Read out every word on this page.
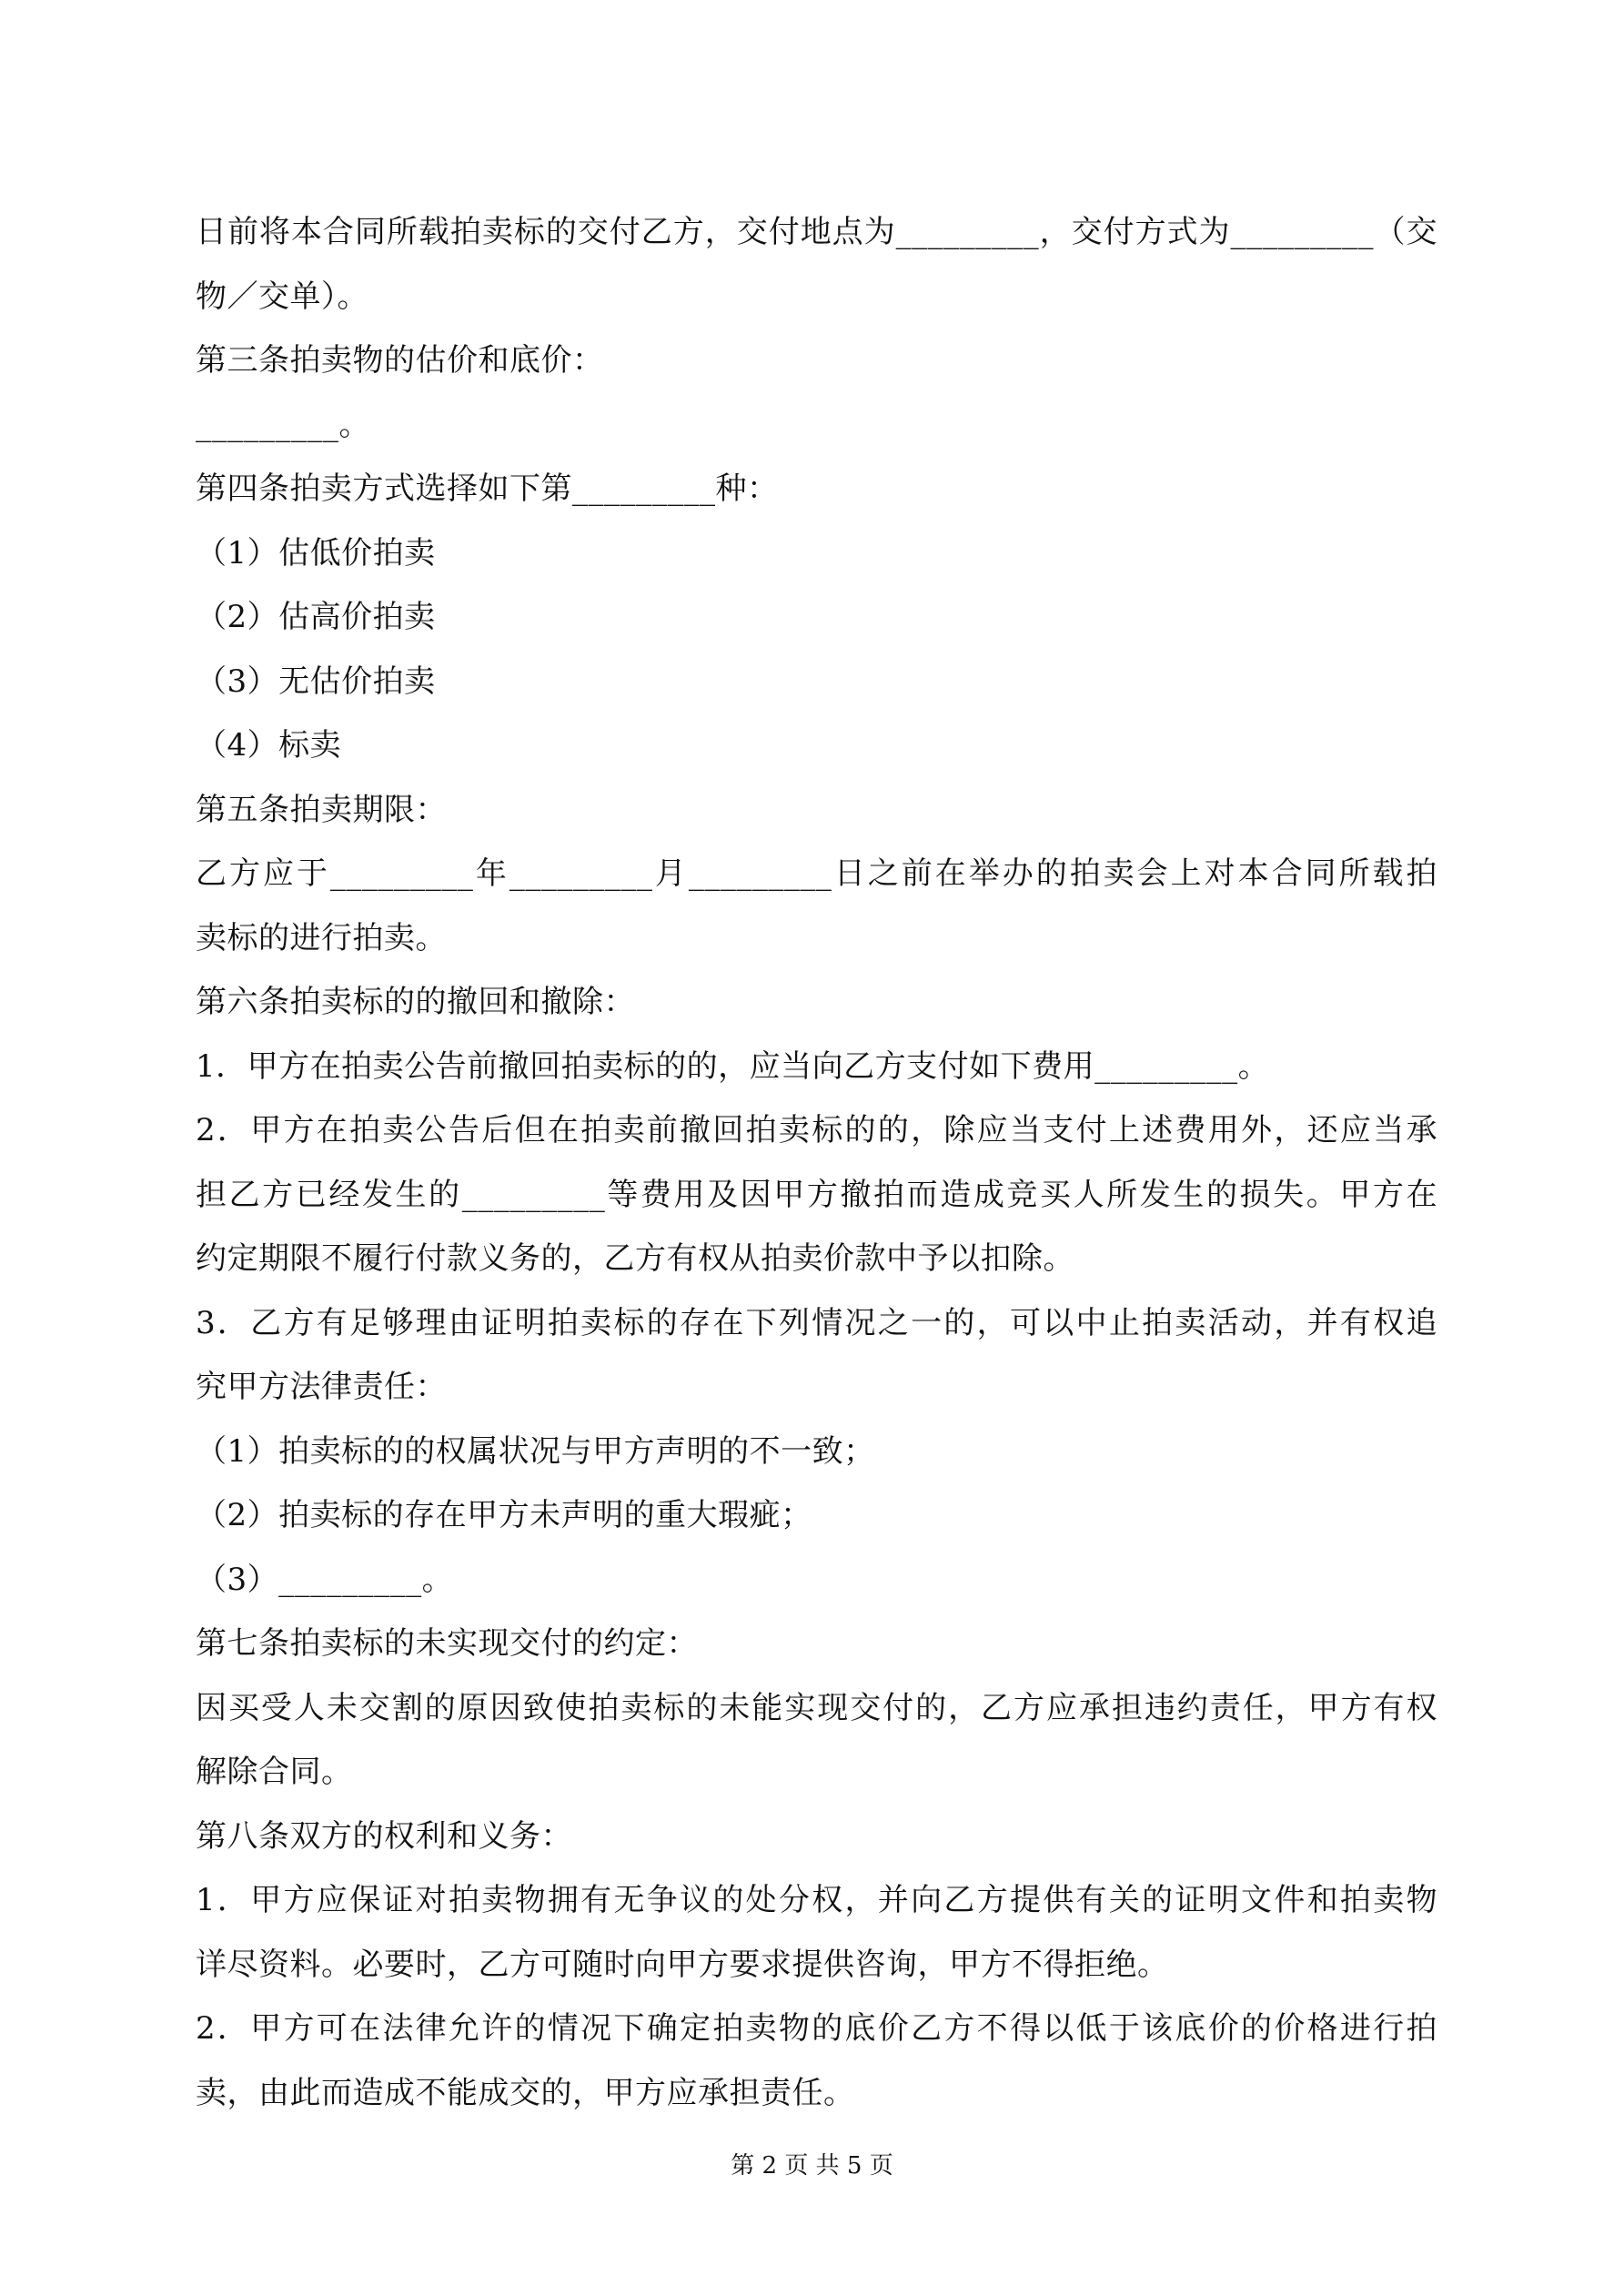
日前将本合同所载拍卖标的交付乙方，交付地点为_________，交付方式为_________（交
物／交单）。
第三条拍卖物的估价和底价：
_________。
第四条拍卖方式选择如下第_________种：
（1）估低价拍卖
（2）估高价拍卖
（3）无估价拍卖
（4）标卖
第五条拍卖期限：
乙方应于_________年_________月_________日之前在举办的拍卖会上对本合同所载拍
卖标的进行拍卖。
第六条拍卖标的的撤回和撤除：
1．甲方在拍卖公告前撤回拍卖标的的，应当向乙方支付如下费用_________。
2．甲方在拍卖公告后但在拍卖前撤回拍卖标的的，除应当支付上述费用外，还应当承
担乙方已经发生的_________等费用及因甲方撤拍而造成竞买人所发生的损失。甲方在
约定期限不履行付款义务的，乙方有权从拍卖价款中予以扣除。
3．乙方有足够理由证明拍卖标的存在下列情况之一的，可以中止拍卖活动，并有权追
究甲方法律责任：
（1）拍卖标的的权属状况与甲方声明的不一致；
（2）拍卖标的存在甲方未声明的重大瑕疵；
（3）_________。
第七条拍卖标的未实现交付的约定：
因买受人未交割的原因致使拍卖标的未能实现交付的，乙方应承担违约责任，甲方有权
解除合同。
第八条双方的权利和义务：
1．甲方应保证对拍卖物拥有无争议的处分权，并向乙方提供有关的证明文件和拍卖物
详尽资料。必要时，乙方可随时向甲方要求提供咨询，甲方不得拒绝。
2．甲方可在法律允许的情况下确定拍卖物的底价乙方不得以低于该底价的价格进行拍
卖，由此而造成不能成交的，甲方应承担责任。
第 2 页 共 5 页
